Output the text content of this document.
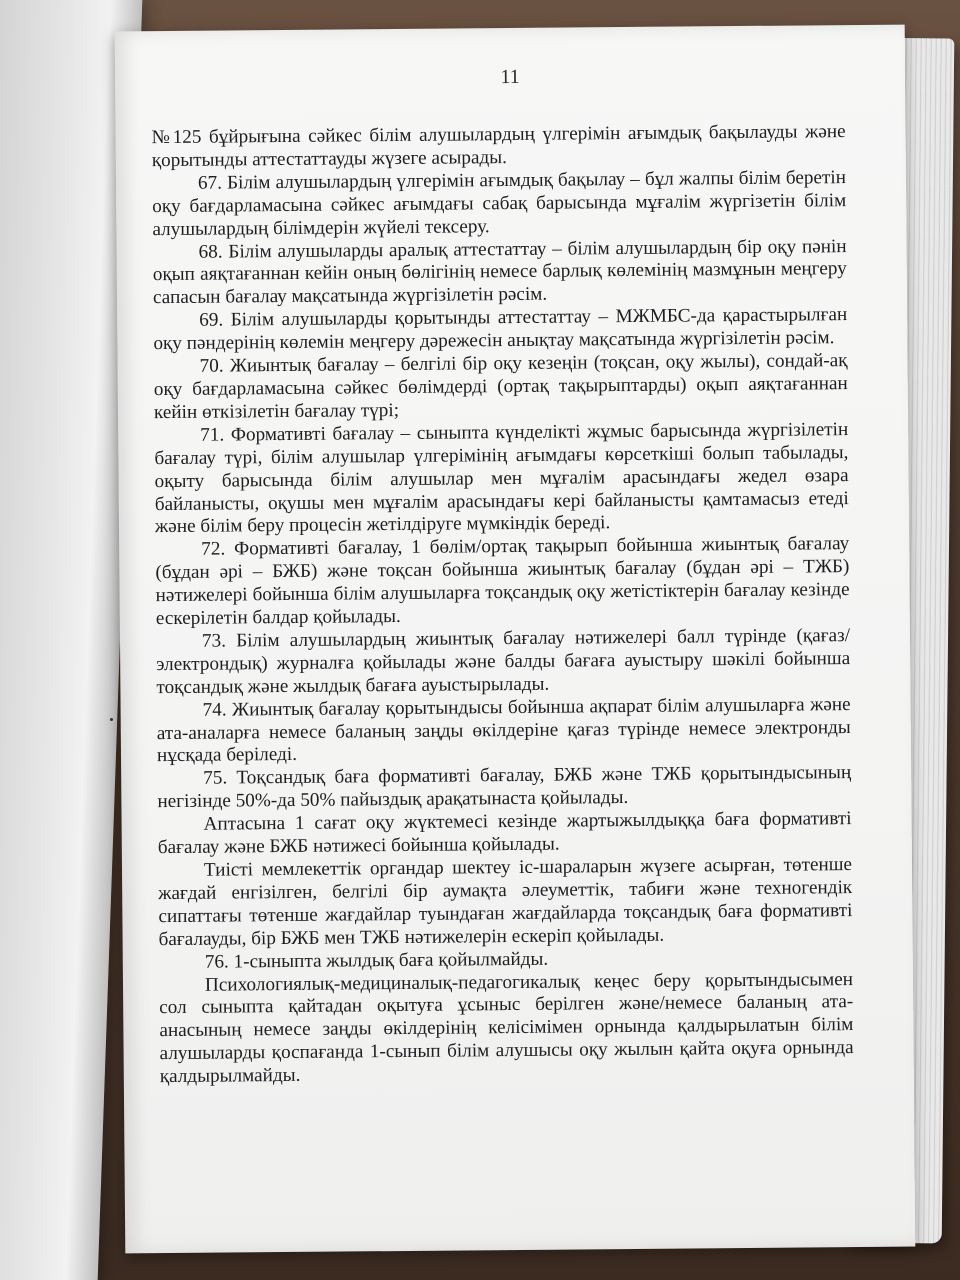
11

№125 бұйрығына сәйкес білім алушылардың үлгерімін ағымдық бақылауды және қорытынды аттестаттауды жүзеге асырады.

67. Білім алушылардың үлгерімін ағымдық бақылау – бұл жалпы білім беретін оқу бағдарламасына сәйкес ағымдағы сабақ барысында мұғалім жүргізетін білім алушылардың білімдерін жүйелі тексеру.

68. Білім алушыларды аралық аттестаттау – білім алушылардың бір оқу пәнін оқып аяқтағаннан кейін оның бөлігінің немесе барлық көлемінің мазмұнын меңгеру сапасын бағалау мақсатында жүргізілетін рәсім.

69. Білім алушыларды қорытынды аттестаттау – МЖМБС-да қарастырылған оқу пәндерінің көлемін меңгеру дәрежесін анықтау мақсатында жүргізілетін рәсім.

70. Жиынтық бағалау – белгілі бір оқу кезеңін (тоқсан, оқу жылы), сондай-ақ оқу бағдарламасына сәйкес бөлімдерді (ортақ тақырыптарды) оқып аяқтағаннан кейін өткізілетін бағалау түрі;

71. Формативті бағалау – сыныпта күнделікті жұмыс барысында жүргізілетін бағалау түрі, білім алушылар үлгерімінің ағымдағы көрсеткіші болып табылады, оқыту барысында білім алушылар мен мұғалім арасындағы жедел өзара байланысты, оқушы мен мұғалім арасындағы кері байланысты қамтамасыз етеді және білім беру процесін жетілдіруге мүмкіндік береді.

72. Формативті бағалау, 1 бөлім/ортақ тақырып бойынша жиынтық бағалау (бұдан әрі – БЖБ) және тоқсан бойынша жиынтық бағалау (бұдан әрі – ТЖБ) нәтижелері бойынша білім алушыларға тоқсандық оқу жетістіктерін бағалау кезінде ескерілетін балдар қойылады.

73. Білім алушылардың жиынтық бағалау нәтижелері балл түрінде (қағаз/электрондық) журналға қойылады және балды бағаға ауыстыру шәкілі бойынша тоқсандық және жылдық бағаға ауыстырылады.

74. Жиынтық бағалау қорытындысы бойынша ақпарат білім алушыларға және ата-аналарға немесе баланың заңды өкілдеріне қағаз түрінде немесе электронды нұсқада беріледі.

75. Тоқсандық баға формативті бағалау, БЖБ және ТЖБ қорытындысының негізінде 50%-да 50% пайыздық арақатынаста қойылады.

Аптасына 1 сағат оқу жүктемесі кезінде жартыжылдыққа баға формативті бағалау және БЖБ нәтижесі бойынша қойылады.

Тиісті мемлекеттік органдар шектеу іс-шараларын жүзеге асырған, төтенше жағдай енгізілген, белгілі бір аумақта әлеуметтік, табиғи және техногендік сипаттағы төтенше жағдайлар туындаған жағдайларда тоқсандық баға формативті бағалауды, бір БЖБ мен ТЖБ нәтижелерін ескеріп қойылады.

76. 1-сыныпта жылдық баға қойылмайды.

Психологиялық-медициналық-педагогикалық кеңес беру қорытындысымен сол сыныпта қайтадан оқытуға ұсыныс берілген және/немесе баланың ата-анасының немесе заңды өкілдерінің келісімімен орнында қалдырылатын білім алушыларды қоспағанда 1-сынып білім алушысы оқу жылын қайта оқуға орнында қалдырылмайды.
